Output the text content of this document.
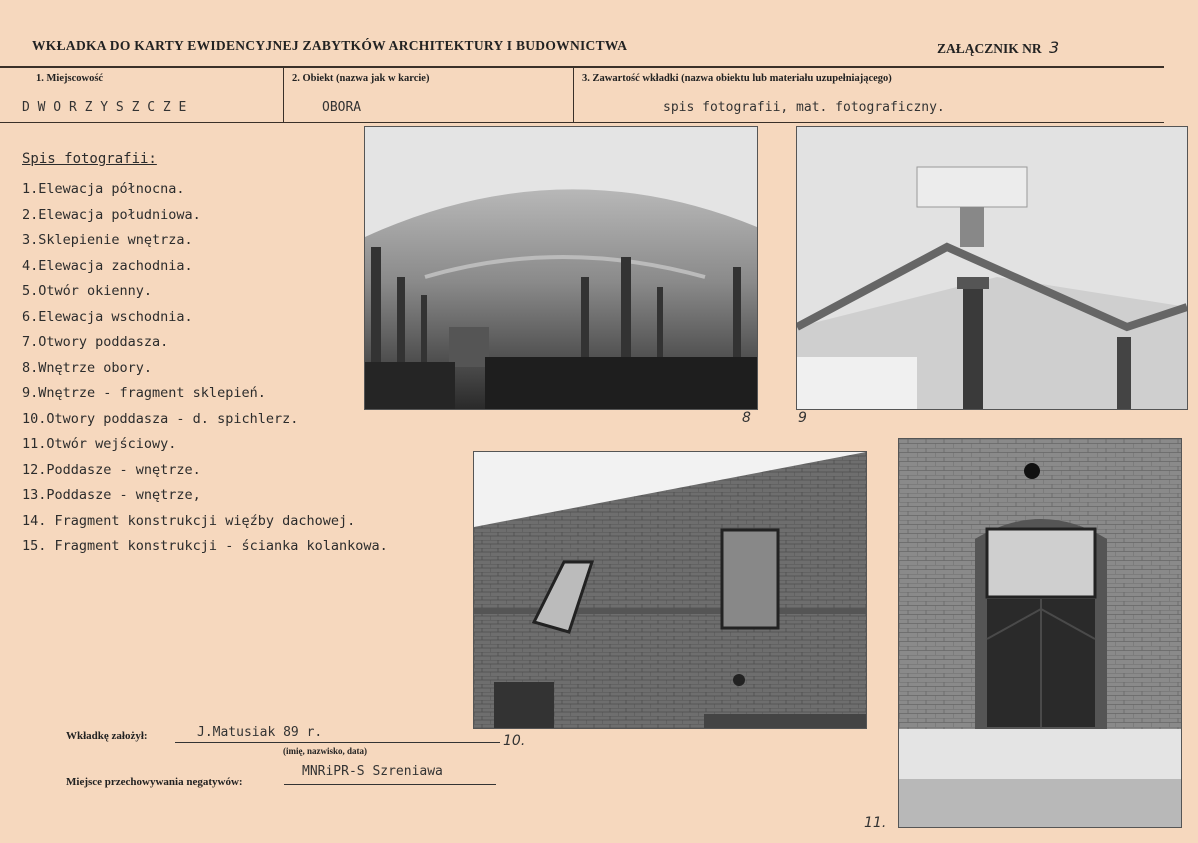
WKŁADKA DO KARTY EWIDENCYJNEJ ZABYTKÓW ARCHITEKTURY I BUDOWNICTWA	ZAŁĄCZNIK NR 3
1. Miejscowość
D W O R Z Y S Z C Z E
2. Obiekt (nazwa jak w karcie)
OBORA
3. Zawartość wkładki (nazwa obiektu lub materiału uzupełniającego)
spis fotografii, mat. fotograficzny.
Spis fotografii:
1.Elewacja północna.
2.Elewacja południowa.
3.Sklepienie wnętrza.
4.Elewacja zachodnia.
5.Otwór okienny.
6.Elewacja wschodnia.
7.Otwory poddasza.
8.Wnętrze obory.
9.Wnętrze - fragment sklepień.
10.Otwory poddasza - d. spichlerz.
11.Otwór wejściowy.
12.Poddasze - wnętrze.
13.Poddasze - wnętrze,
14. Fragment konstrukcji więźby dachowej.
15. Fragment konstrukcji - ścianka kolankowa.
8	9
10.
11.
Wkładkę założył:	J.Matusiak 89 r.
(imię, nazwisko, data)
Miejsce przechowywania negatywów:
MNRiPR-S Szreniawa
